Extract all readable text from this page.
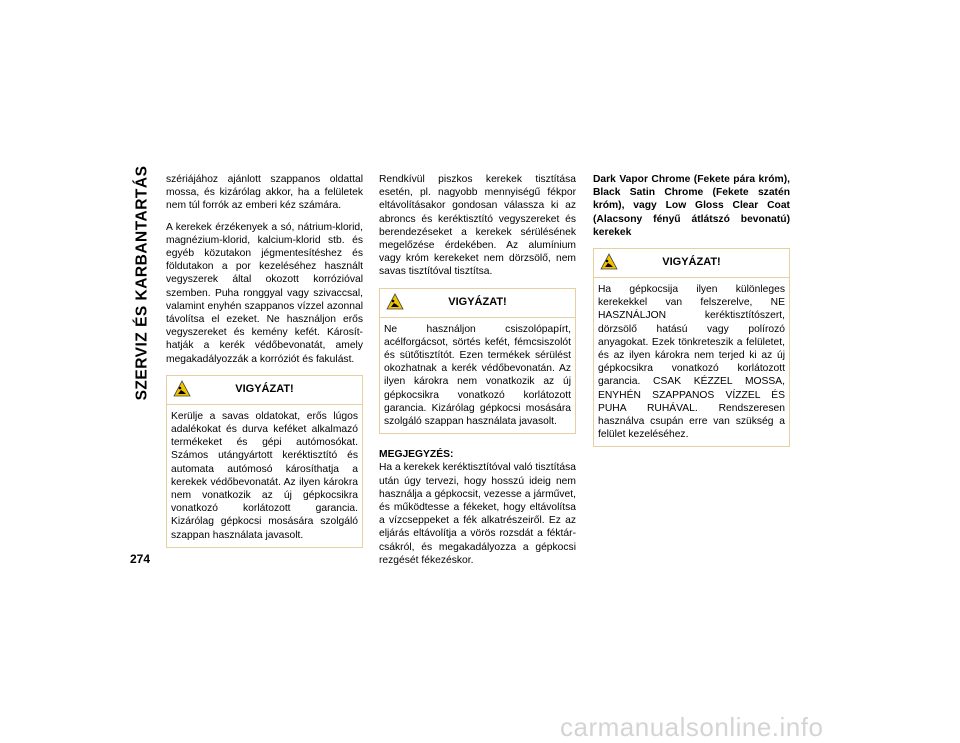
SZERVIZ ÉS KARBANTARTÁS
274

szériájához ajánlott szappanos oldattal mossa, és kizárólag akkor, ha a felületek nem túl forrók az emberi kéz számára.

A kerekek érzékenyek a só, nátrium-klorid, magnézium-klorid, kalcium-klorid stb. és egyéb közutakon jégmentesítéshez és földutakon a por kezeléséhez használt vegyszerek által okozott korrózióval szemben. Puha ronggyal vagy szivaccsal, valamint enyhén szappanos vízzel azonnal távolítsa el ezeket. Ne használjon erős vegyszereket és kemény kefét. Károsít-hatják a kerék védőbevonatát, amely megakadályozzák a korróziót és fakulást.

VIGYÁZAT!
Kerülje a savas oldatokat, erős lúgos adalékokat és durva keféket alkalmazó termékeket és gépi autómosókat. Számos utángyártott keréktisztító és automata autómosó károsíthatja a kerekek védőbevonatát. Az ilyen károkra nem vonatkozik az új gépkocsikra vonatkozó korlátozott garancia. Kizárólag gépkocsi mosására szolgáló szappan használata javasolt.

Rendkívül piszkos kerekek tisztítása esetén, pl. nagyobb mennyiségű fékpor eltávolításakor gondosan válassza ki az abroncs és keréktisztító vegyszereket és berendezéseket a kerekek sérülésének megelőzése érdekében. Az alumínium vagy króm kerekeket nem dörzsölő, nem savas tisztítóval tisztítsa.

VIGYÁZAT!
Ne használjon csiszolópapírt, acélforgácsot, sörtés kefét, fémcsiszolót és sütőtisztítót. Ezen termékek sérülést okozhatnak a kerék védőbevonatán. Az ilyen károkra nem vonatkozik az új gépkocsikra vonatkozó korlátozott garancia. Kizárólag gépkocsi mosására szolgáló szappan használata javasolt.
MEGJEGYZÉS:

Ha a kerekek keréktisztítóval való tisztítása után úgy tervezi, hogy hosszú ideig nem használja a gépkocsit, vezesse a járművet, és működtesse a fékeket, hogy eltávolítsa a vízcseppeket a fék alkatrészeiről. Ez az eljárás eltávolítja a vörös rozsdát a féktár-csákról, és megakadályozza a gépkocsi rezgését fékezéskor.

Dark Vapor Chrome (Fekete pára króm), Black Satin Chrome (Fekete szatén króm), vagy Low Gloss Clear Coat (Alacsony fényű átlátszó bevonatú) kerekek
VIGYÁZAT!
Ha gépkocsija ilyen különleges kerekekkel van felszerelve, NE HASZNÁLJON keréktisztítószert, dörzsölő hatású vagy polírozó anyagokat. Ezek tönkreteszik a felületet, és az ilyen károkra nem terjed ki az új gépkocsikra vonatkozó korlátozott garancia. CSAK KÉZZEL MOSSA, ENYHÉN SZAPPANOS VÍZZEL ÉS PUHA RUHÁVAL. Rendszeresen használva csupán erre van szükség a felület kezeléséhez.
carmanualsonline.info
